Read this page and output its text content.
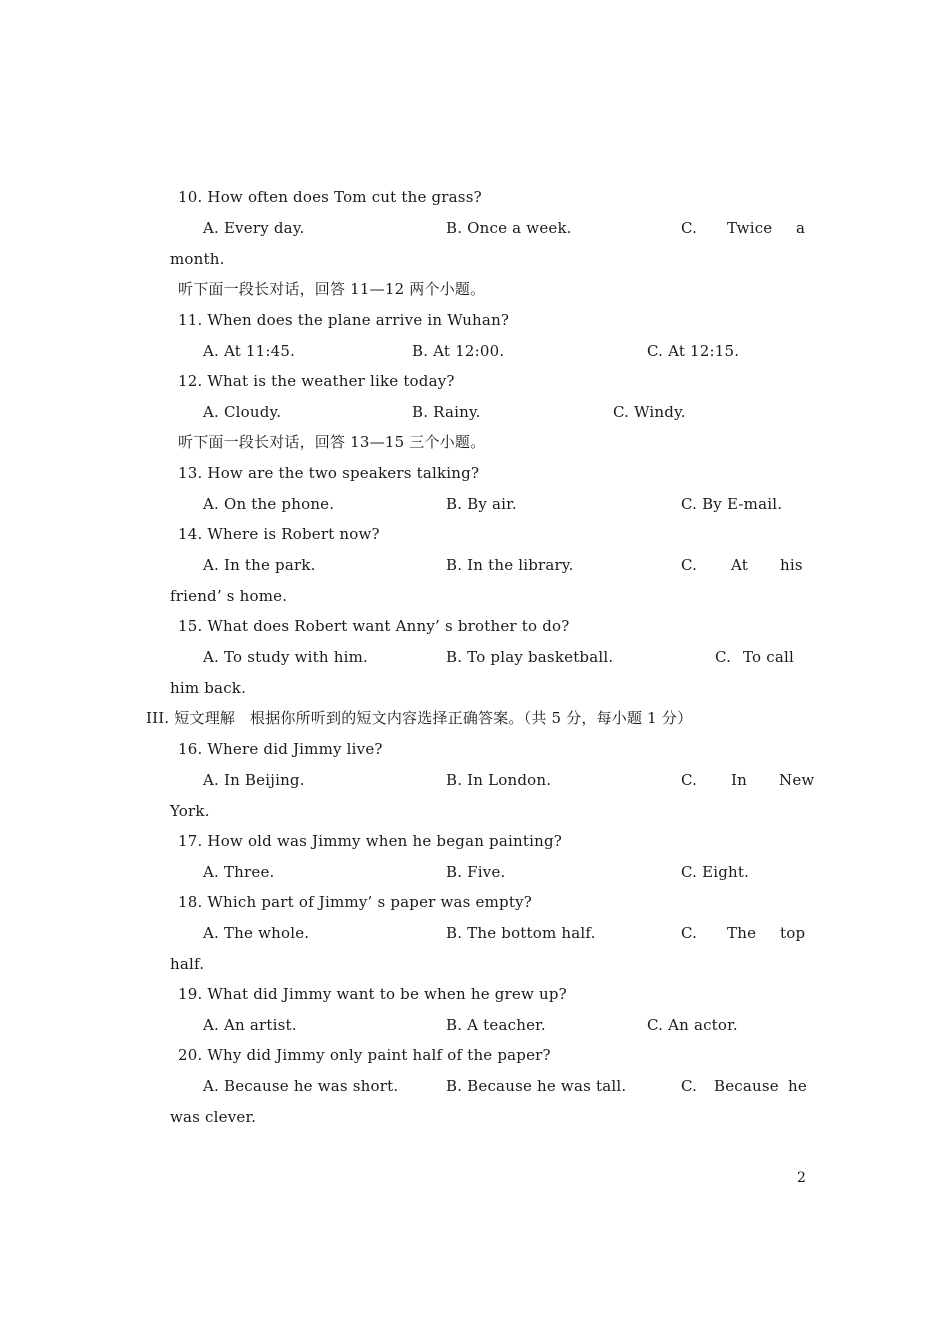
10. How often does Tom cut the grass?
A. Every day.	B. Once a week.	C. Twice a
month.
听下面一段长对话，回答 11—12 两个小题。
11. When does the plane arrive in Wuhan?
A. At 11:45.	B. At 12:00.	C. At 12:15.
12. What is the weather like today?
A. Cloudy.	B. Rainy.	C. Windy.
听下面一段长对话，回答 13—15 三个小题。
13. How are the two speakers talking?
A. On the phone.	B. By air.	C. By E-mail.
14. Where is Robert now?
A. In the park.	B. In the library.	C. At his
friend’ s home.
15. What does Robert want Anny’ s brother to do?
A. To study with him.	B. To play basketball.	C. To call
him back.
III. 短文理解   根据你所听到的短文内容选择正确答案。（共 5 分，每小题 1 分）
16. Where did Jimmy live?
A. In Beijing.	B. In London.	C. In New
York.
17. How old was Jimmy when he began painting?
A. Three.	B. Five.	C. Eight.
18. Which part of Jimmy’ s paper was empty?
A. The whole.	B. The bottom half.	C. The top
half.
19. What did Jimmy want to be when he grew up?
A. An artist.	B. A teacher.	C. An actor.
20. Why did Jimmy only paint half of the paper?
A. Because he was short.	B. Because he was tall.	C. Because he
was clever.
2
